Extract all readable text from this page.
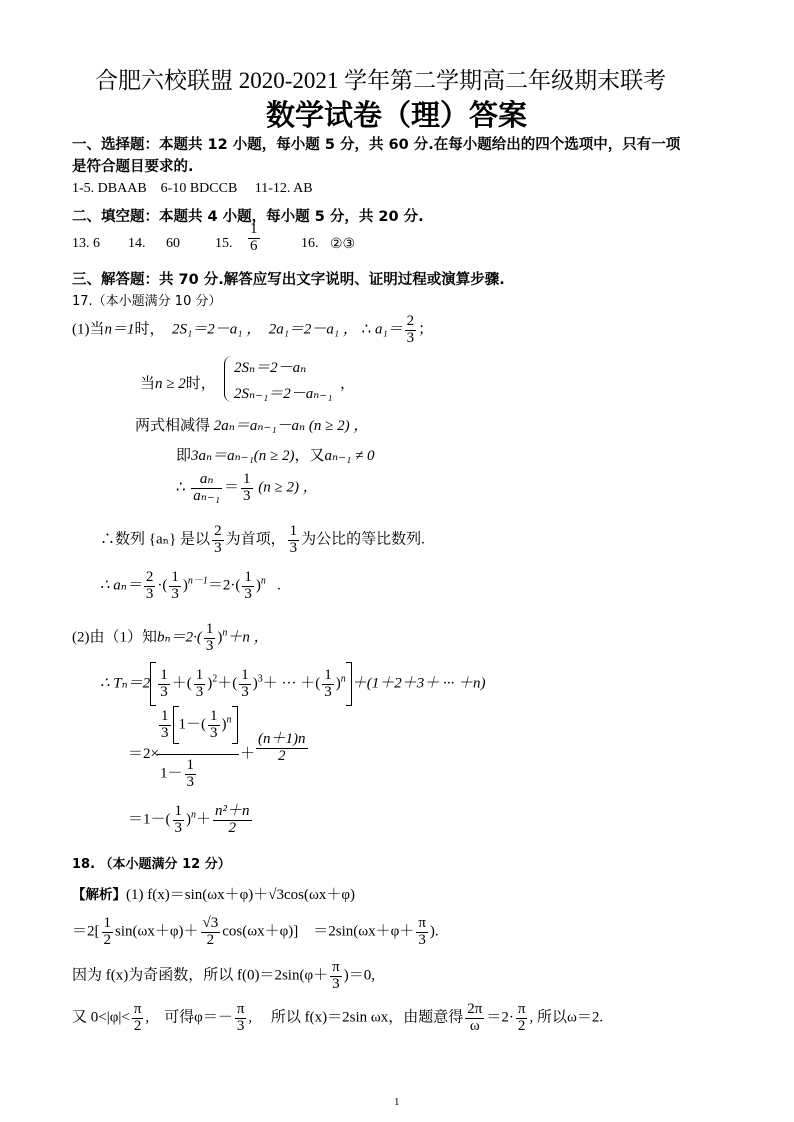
合肥六校联盟 2020-2021 学年第二学期高二年级期末联考
数学试卷（理）答案
一、选择题：本题共 12 小题，每小题 5 分，共 60 分.在每小题给出的四个选项中，只有一项
是符合题目要求的.
1-5. DBAAB    6-10 BDCCB     11-12. AB
二、填空题：本题共 4 小题，每小题 5 分，共 20 分.
13. 6 14. 60	15. $\frac{1}{6}$	16. ②③
三、解答题：共 70 分.解答应写出文字说明、证明过程或演算步骤.
17.（本小题满分 10 分）
(1)当n＝1时， 2S₁＝2－a₁ ， 2a₁＝2－a₁ ， ∴ $a_1= \frac{2}{3}$ ；
当n ≥ 2时，
2Sₙ＝2－aₙ
2Sₙ₋₁＝2－aₙ₋₁
，
两式相减得 2aₙ＝aₙ₋₁－aₙ (n ≥ 2) ，
即3aₙ＝aₙ₋₁(n ≥ 2)，又aₙ₋₁ ≠ 0
∴ $\frac{\text{aₙ}}{\text{aₙ₋₁}} = \frac{1}{3} (n \ge 2)$ ，
∴数列 {aₙ} 是以 $\frac{2}{3}$ 为首项， $\frac{1}{3}$ 为公比的等比数列.
∴ $a_n= \frac{2}{3}$ ·( $\frac{1}{3} )^{n-1}=2\cdot( \frac{1}{3} )^n$ .
(2)由（1）知$b_n=2\cdot( \frac{1}{3} )^n+n$ ，
∴ $T_n=2 \frac{1}{3}$ ＋( $\frac{1}{3} )^2+( \frac{1}{3} )^3+$ ··· ＋( $\frac{1}{3} )^n +(1+2+3+$ ··· ＋n)
＝2×
$\frac{1}{3} 1-( \frac{1}{3} )^n$
$1- \frac{1}{3}$
＋ $\frac{(n+1)n}{2}$
$=1-( \frac{1}{3} )^n+ \frac{\text{n²＋n}}{2}$
18. （本小题满分 12 分）
【解析】(1) f(x)＝sin(ωx＋φ)＋√3cos(ωx＋φ)
$=2[ \frac{1}{2} \sin(\omega x+\varphi)+ \frac{√3}{2} \cos(\omega x+\varphi)]$    $=2\sin(\omega x+\varphi+ \frac{\pi}{3}$ ).
因为 f(x)为奇函数，所以 $f(0)=2\sin(\varphi+ \frac{\pi}{3} )=0$,
又 $0<|\varphi|< \frac{\pi}{2}$ ,    可得$\varphi=- \frac{\pi}{3}$ ,     所以 f(x)＝2sin ωx，由题意得 $\frac{2\pi}{\omega} =2\cdot \frac{\pi}{2}$ , 所以ω＝2.
1
